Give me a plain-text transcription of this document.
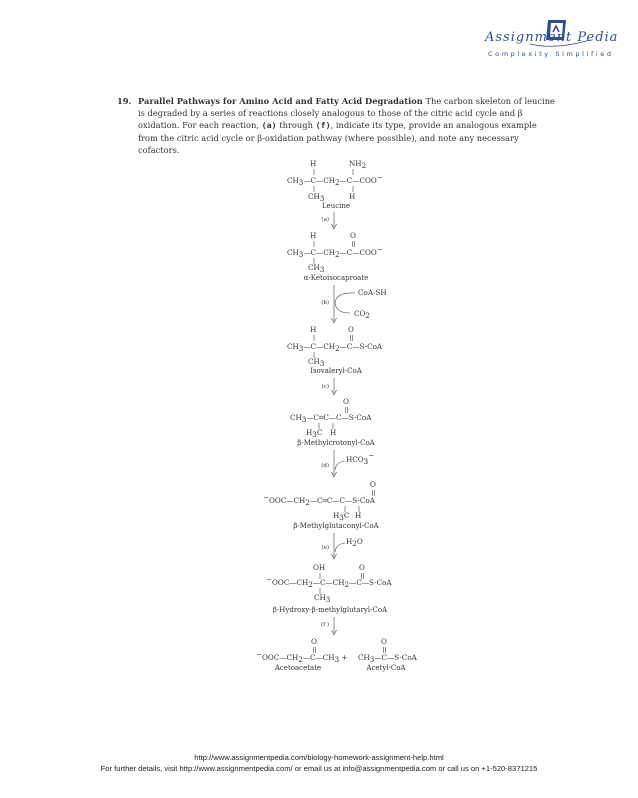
Assignment Pedia
Complexity Simplified
19. Parallel Pathways for Amino Acid and Fatty Acid Degradation The carbon skeleton of leucine is degraded by a series of reactions closely analogous to those of the citric acid cycle and β oxidation. For each reaction, (a) through (f), indicate its type, provide an analogous example from the citric acid cycle or β-oxidation pathway (where possible), and note any necessary cofactors.
H	NH2
CH3—C—CH2—C—COO−
CH3	H
Leucine
(a)
H	O
CH3—C—CH2—C—COO−
CH3
α-Ketoisocaproate
(b)
CoA-SH
CO2
H	O
CH3—C—CH2—C—S-CoA
CH3
Isovaleryl-CoA
(c)
O
CH3—C═C—C—S-CoA
H3C H
β-Methylcrotonyl-CoA
(d)
HCO3−
O
−OOC—CH2—C═C—C—S-CoA
H3C H
β-Methylglutaconyl-CoA
(e)
H2O
OH	O
−OOC—CH2—C—CH2—C—S-CoA
CH3
β-Hydroxy-β-methylglutaryl-CoA
(f )
O
−OOC—CH2—C—CH3 +
Acetoacetate
O
CH3—C—S-CoA
Acetyl-CoA
http://www.assignmentpedia.com/biology-homework-assignment-help.html
For further details, visit http://www.assignmentpedia.com/ or email us at info@assignmentpedia.com or call us on +1-520-8371215
